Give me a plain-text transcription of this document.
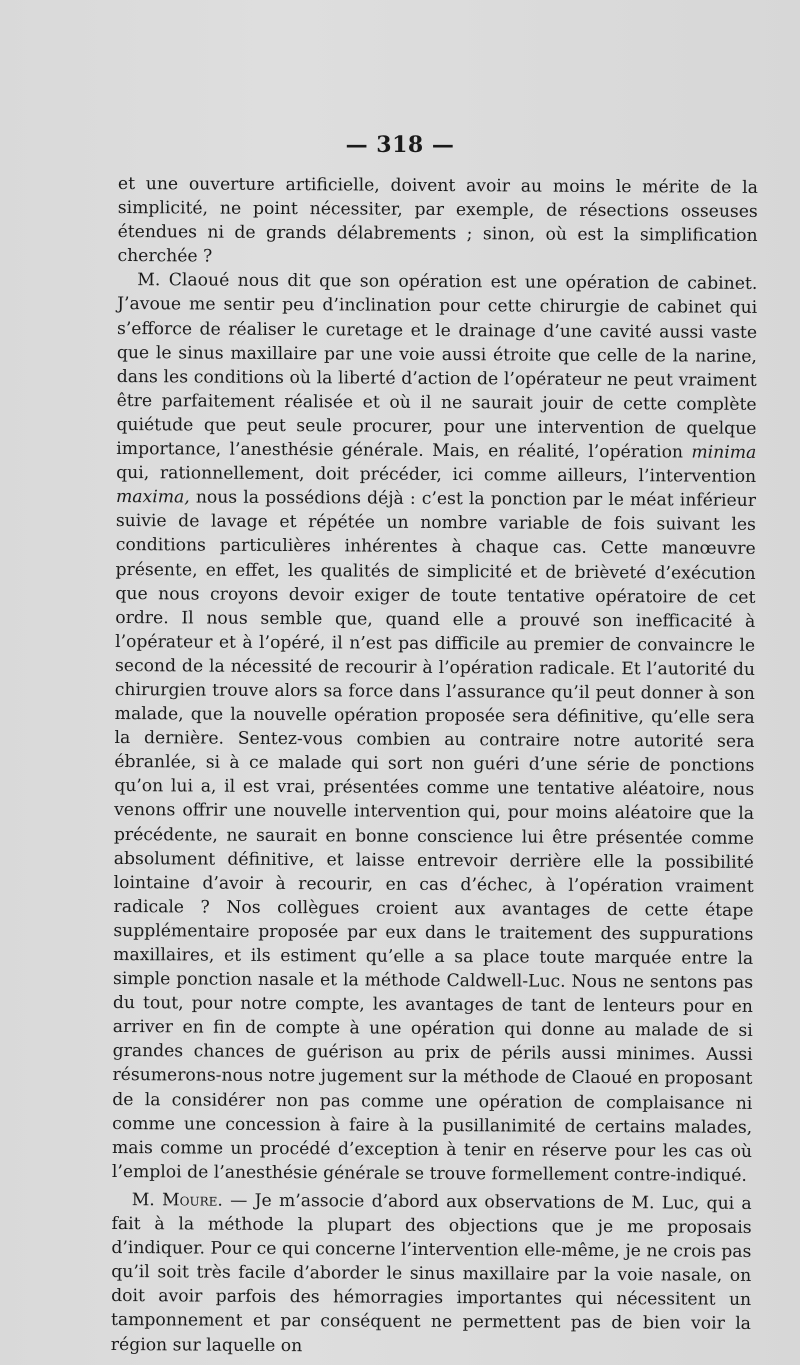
— 318 —

et une ouverture artificielle, doivent avoir au moins le mérite de la simplicité, ne point nécessiter, par exemple, de résections osseuses étendues ni de grands délabrements ; sinon, où est la simplification cherchée ?

M. Claoué nous dit que son opération est une opération de cabinet. J’avoue me sentir peu d’inclination pour cette chirurgie de cabinet qui s’efforce de réaliser le curetage et le drainage d’une cavité aussi vaste que le sinus maxillaire par une voie aussi étroite que celle de la narine, dans les conditions où la liberté d’action de l’opérateur ne peut vraiment être parfaitement réalisée et où il ne saurait jouir de cette complète quiétude que peut seule procurer, pour une intervention de quelque importance, l’anesthésie générale. Mais, en réalité, l’opération minima qui, rationnellement, doit précéder, ici comme ailleurs, l’intervention maxima, nous la possédions déjà : c’est la ponction par le méat inférieur suivie de lavage et répétée un nombre variable de fois suivant les conditions particulières inhérentes à chaque cas. Cette manœuvre présente, en effet, les qualités de simplicité et de brièveté d’exécution que nous croyons devoir exiger de toute tentative opératoire de cet ordre. Il nous semble que, quand elle a prouvé son inefficacité à l’opérateur et à l’opéré, il n’est pas difficile au premier de convaincre le second de la nécessité de recourir à l’opération radicale. Et l’autorité du chirurgien trouve alors sa force dans l’assurance qu’il peut donner à son malade, que la nouvelle opération proposée sera définitive, qu’elle sera la dernière. Sentez-vous combien au contraire notre autorité sera ébranlée, si à ce malade qui sort non guéri d’une série de ponctions qu’on lui a, il est vrai, présentées comme une tentative aléatoire, nous venons offrir une nouvelle intervention qui, pour moins aléatoire que la précédente, ne saurait en bonne conscience lui être présentée comme absolument définitive, et laisse entrevoir derrière elle la possibilité lointaine d’avoir à recourir, en cas d’échec, à l’opération vraiment radicale ? Nos collègues croient aux avantages de cette étape supplémentaire proposée par eux dans le traitement des suppurations maxillaires, et ils estiment qu’elle a sa place toute marquée entre la simple ponction nasale et la méthode Caldwell-Luc. Nous ne sentons pas du tout, pour notre compte, les avantages de tant de lenteurs pour en arriver en fin de compte à une opération qui donne au malade de si grandes chances de guérison au prix de périls aussi minimes. Aussi résumerons-nous notre jugement sur la méthode de Claoué en proposant de la considérer non pas comme une opération de complaisance ni comme une concession à faire à la pusillanimité de certains malades, mais comme un procédé d’exception à tenir en réserve pour les cas où l’emploi de l’anesthésie générale se trouve formellement contre-indiqué.

M. Moure. — Je m’associe d’abord aux observations de M. Luc, qui a fait à la méthode la plupart des objections que je me proposais d’indiquer. Pour ce qui concerne l’intervention elle-même, je ne crois pas qu’il soit très facile d’aborder le sinus maxillaire par la voie nasale, on doit avoir parfois des hémorragies importantes qui nécessitent un tamponnement et par conséquent ne permettent pas de bien voir la région sur laquelle on
